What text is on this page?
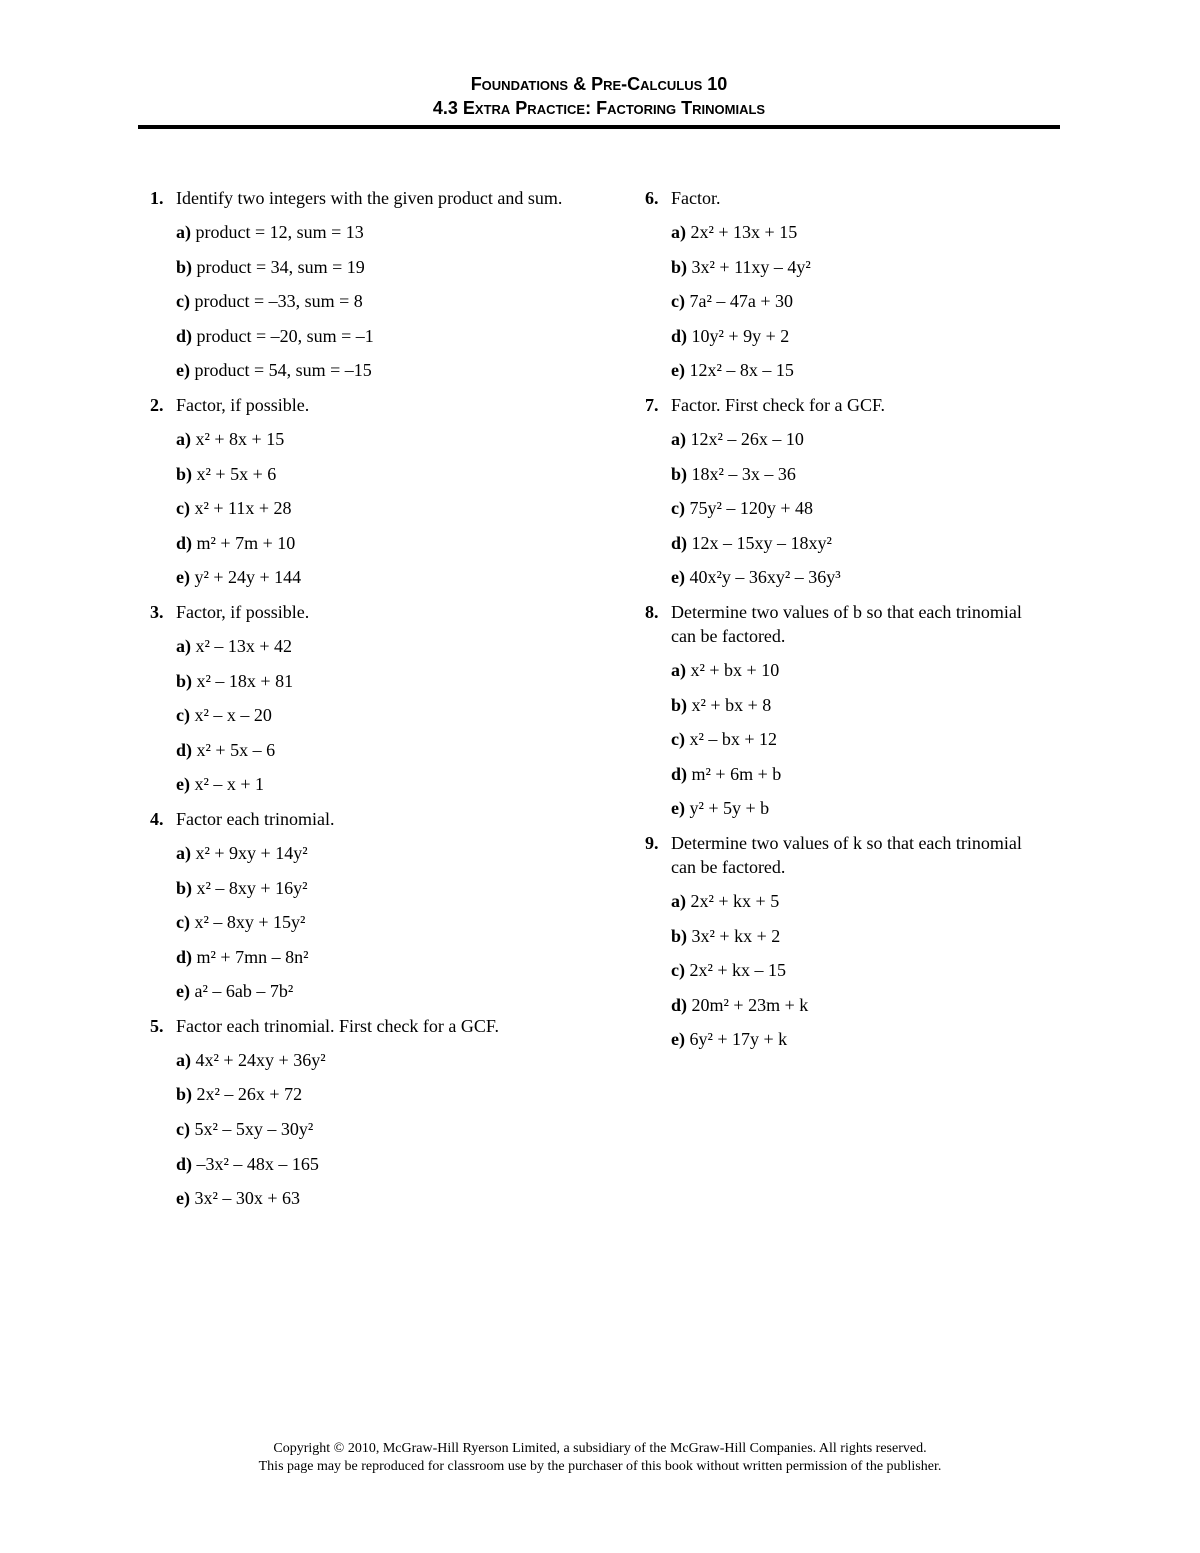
Foundations & Pre-Calculus 10
4.3 Extra Practice: Factoring Trinomials
1. Identify two integers with the given product and sum.
a) product = 12, sum = 13
b) product = 34, sum = 19
c) product = –33, sum = 8
d) product = –20, sum = –1
e) product = 54, sum = –15
2. Factor, if possible.
a) x² + 8x + 15
b) x² + 5x + 6
c) x² + 11x + 28
d) m² + 7m + 10
e) y² + 24y + 144
3. Factor, if possible.
a) x² – 13x + 42
b) x² – 18x + 81
c) x² – x – 20
d) x² + 5x – 6
e) x² – x + 1
4. Factor each trinomial.
a) x² + 9xy + 14y²
b) x² – 8xy + 16y²
c) x² – 8xy + 15y²
d) m² + 7mn – 8n²
e) a² – 6ab – 7b²
5. Factor each trinomial. First check for a GCF.
a) 4x² + 24xy + 36y²
b) 2x² – 26x + 72
c) 5x² – 5xy – 30y²
d) –3x² – 48x – 165
e) 3x² – 30x + 63
6. Factor.
a) 2x² + 13x + 15
b) 3x² + 11xy – 4y²
c) 7a² – 47a + 30
d) 10y² + 9y + 2
e) 12x² – 8x – 15
7. Factor. First check for a GCF.
a) 12x² – 26x – 10
b) 18x² – 3x – 36
c) 75y² – 120y + 48
d) 12x – 15xy – 18xy²
e) 40x²y – 36xy² – 36y³
8. Determine two values of b so that each trinomial can be factored.
a) x² + bx + 10
b) x² + bx + 8
c) x² – bx + 12
d) m² + 6m + b
e) y² + 5y + b
9. Determine two values of k so that each trinomial can be factored.
a) 2x² + kx + 5
b) 3x² + kx + 2
c) 2x² + kx – 15
d) 20m² + 23m + k
e) 6y² + 17y + k
Copyright © 2010, McGraw-Hill Ryerson Limited, a subsidiary of the McGraw-Hill Companies. All rights reserved.
This page may be reproduced for classroom use by the purchaser of this book without written permission of the publisher.
